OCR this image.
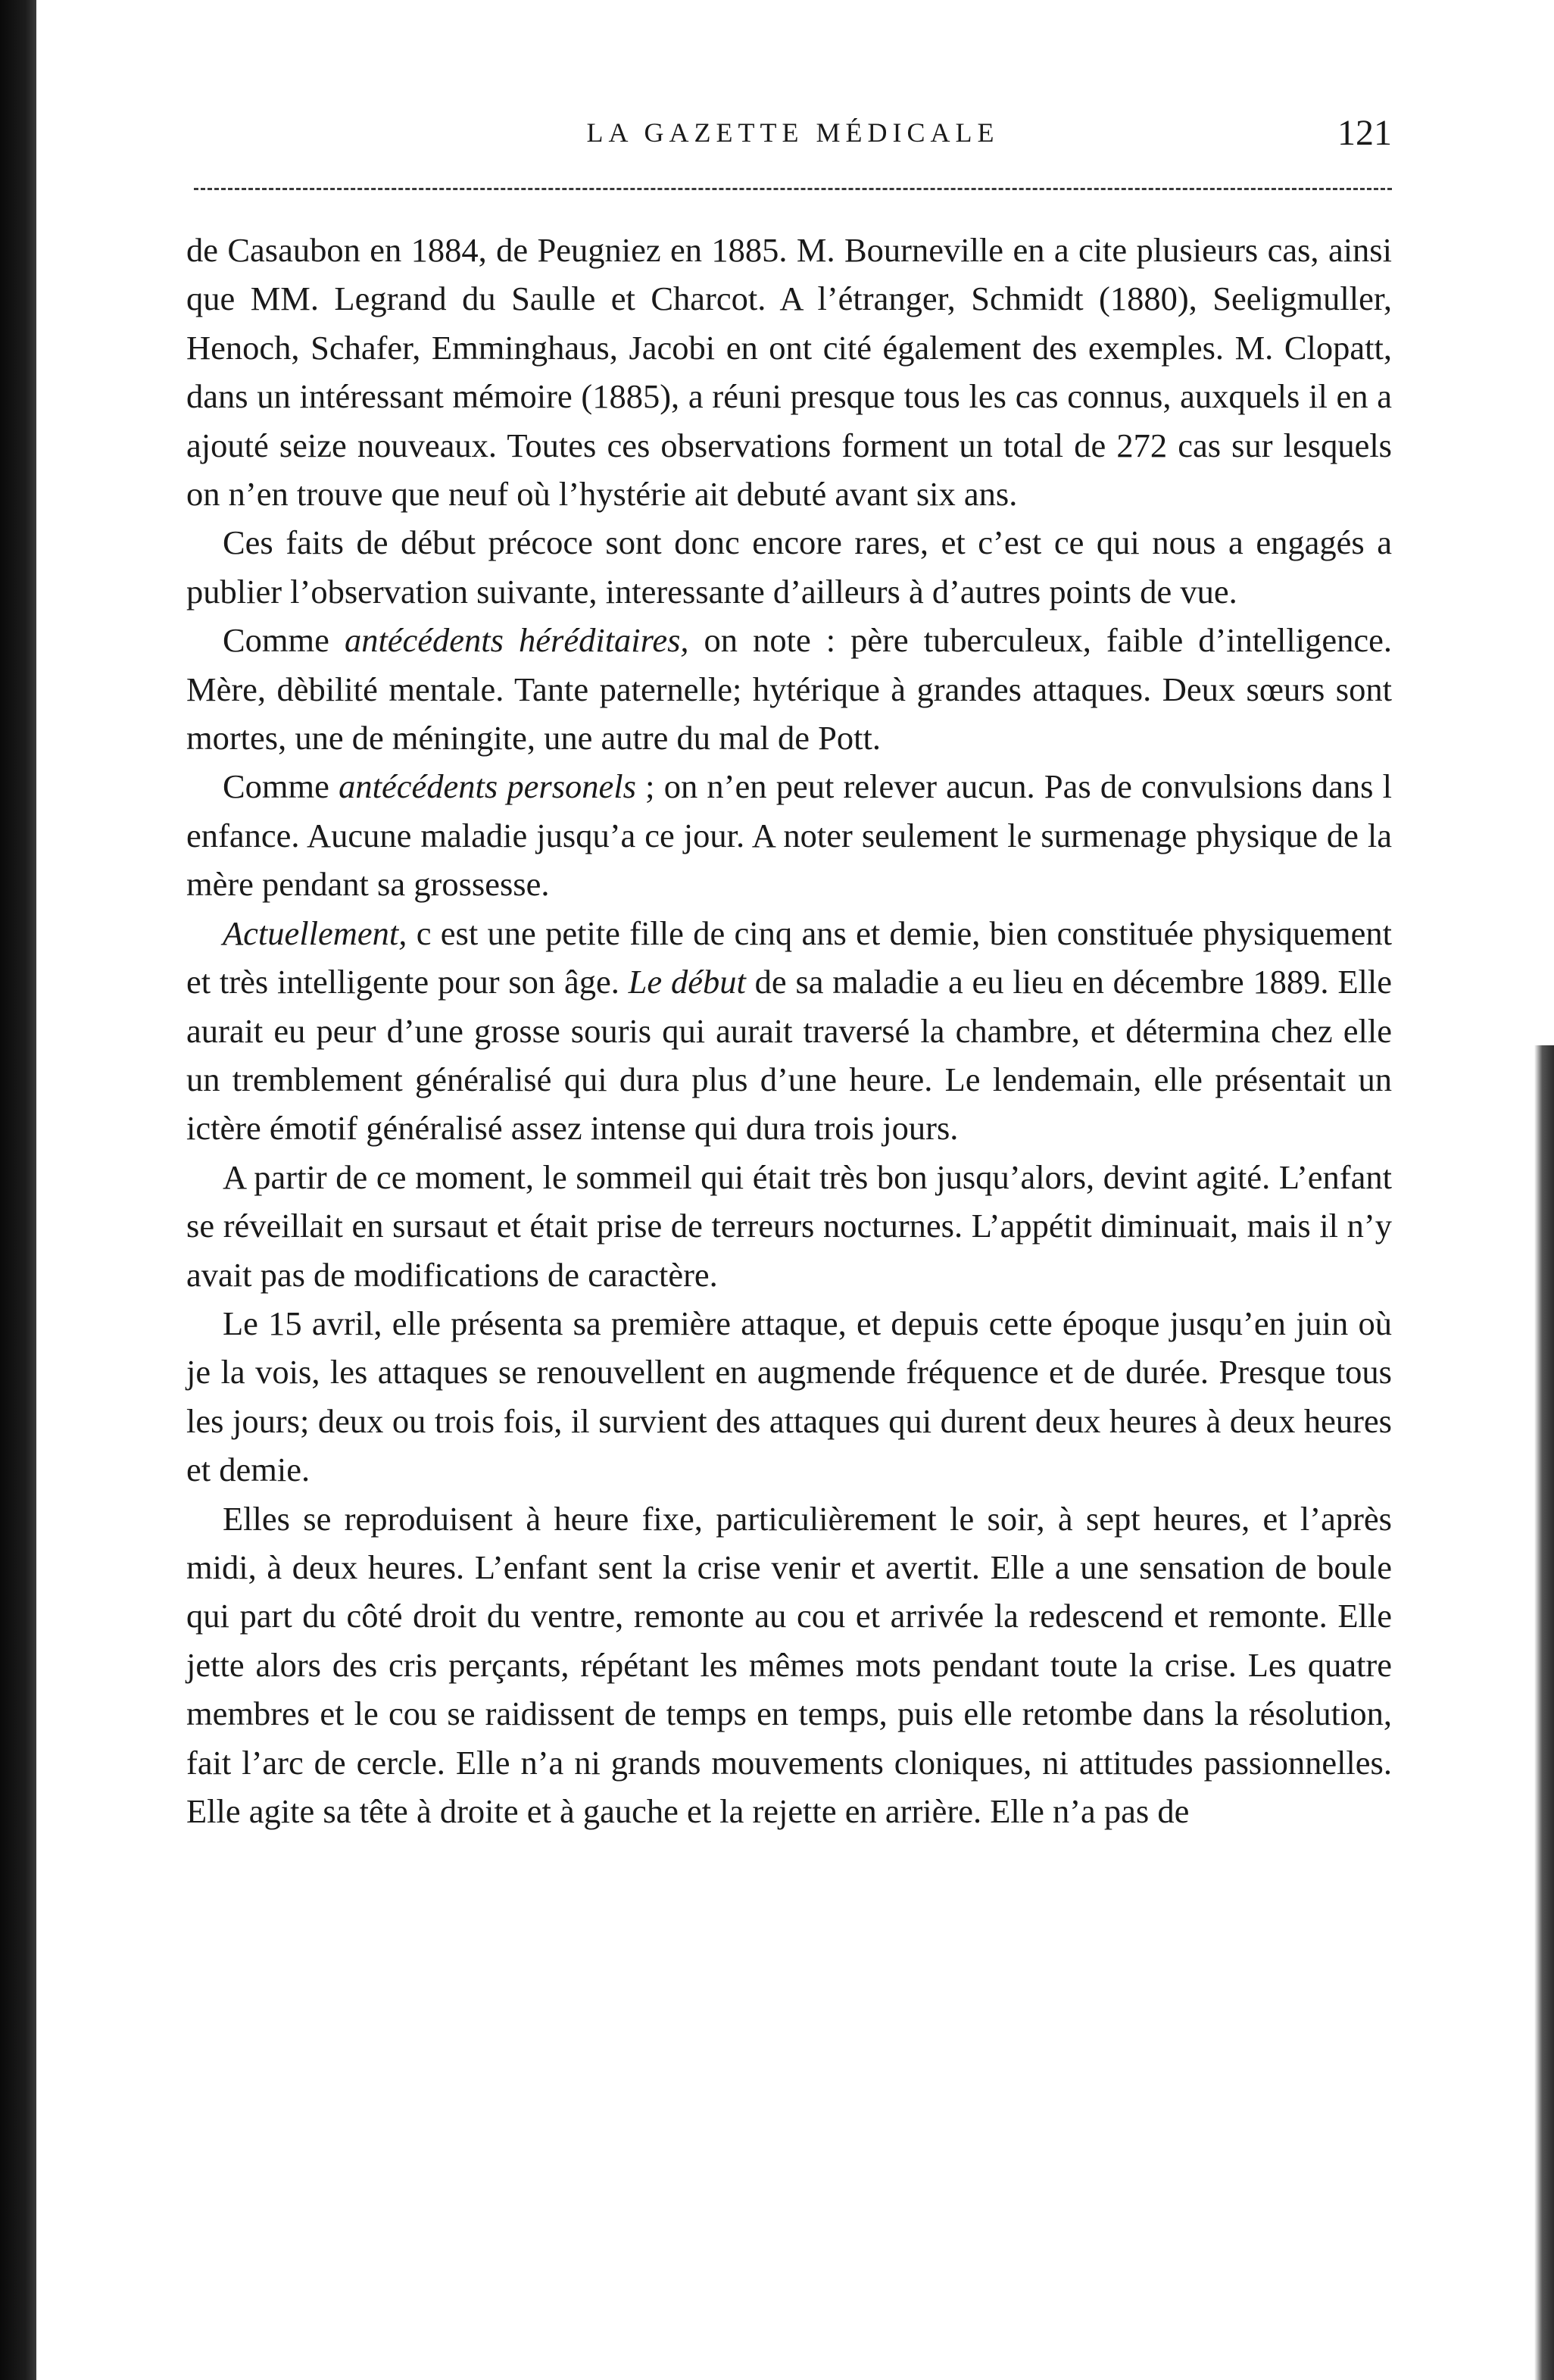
LA GAZETTE MÉDICALE	121

de Casaubon en 1884, de Peugniez en 1885. M. Bourneville en a cite plusieurs cas, ainsi que MM. Legrand du Saulle et Charcot. A l’étranger, Schmidt (1880), Seeligmuller, Henoch, Schafer, Emminghaus, Jacobi en ont cité également des exemples. M. Clopatt, dans un intéressant mémoire (1885), a réuni presque tous les cas connus, auxquels il en a ajouté seize nouveaux. Toutes ces observations forment un total de 272 cas sur lesquels on n’en trouve que neuf où l’hystérie ait debuté avant six ans.

Ces faits de début précoce sont donc encore rares, et c’est ce qui nous a engagés a publier l’observation suivante, interessante d’ailleurs à d’autres points de vue.

Comme antécédents héréditaires, on note : père tuberculeux, faible d’intelligence. Mère, dèbilité mentale. Tante paternelle; hytérique à grandes attaques. Deux sœurs sont mortes, une de méningite, une autre du mal de Pott.

Comme antécédents personels ; on n’en peut relever aucun. Pas de convulsions dans l enfance. Aucune maladie jusqu’a ce jour. A noter seulement le surmenage physique de la mère pendant sa grossesse.

Actuellement, c est une petite fille de cinq ans et demie, bien constituée physiquement et très intelligente pour son âge. Le début de sa maladie a eu lieu en décembre 1889. Elle aurait eu peur d’une grosse souris qui aurait traversé la chambre, et détermina chez elle un tremblement généralisé qui dura plus d’une heure. Le lendemain, elle présentait un ictère émotif généralisé assez intense qui dura trois jours.

A partir de ce moment, le sommeil qui était très bon jusqu’alors, devint agité. L’enfant se réveillait en sursaut et était prise de terreurs nocturnes. L’appétit diminuait, mais il n’y avait pas de modifications de caractère.

Le 15 avril, elle présenta sa première attaque, et depuis cette époque jusqu’en juin où je la vois, les attaques se renouvellent en augmende fréquence et de durée. Presque tous les jours; deux ou trois fois, il survient des attaques qui durent deux heures à deux heures et demie.

Elles se reproduisent à heure fixe, particulièrement le soir, à sept heures, et l’après midi, à deux heures. L’enfant sent la crise venir et avertit. Elle a une sensation de boule qui part du côté droit du ventre, remonte au cou et arrivée la redescend et remonte. Elle jette alors des cris perçants, répétant les mêmes mots pendant toute la crise. Les quatre membres et le cou se raidissent de temps en temps, puis elle retombe dans la résolution, fait l’arc de cercle. Elle n’a ni grands mouvements cloniques, ni attitudes passionnelles. Elle agite sa tête à droite et à gauche et la rejette en arrière. Elle n’a pas de
